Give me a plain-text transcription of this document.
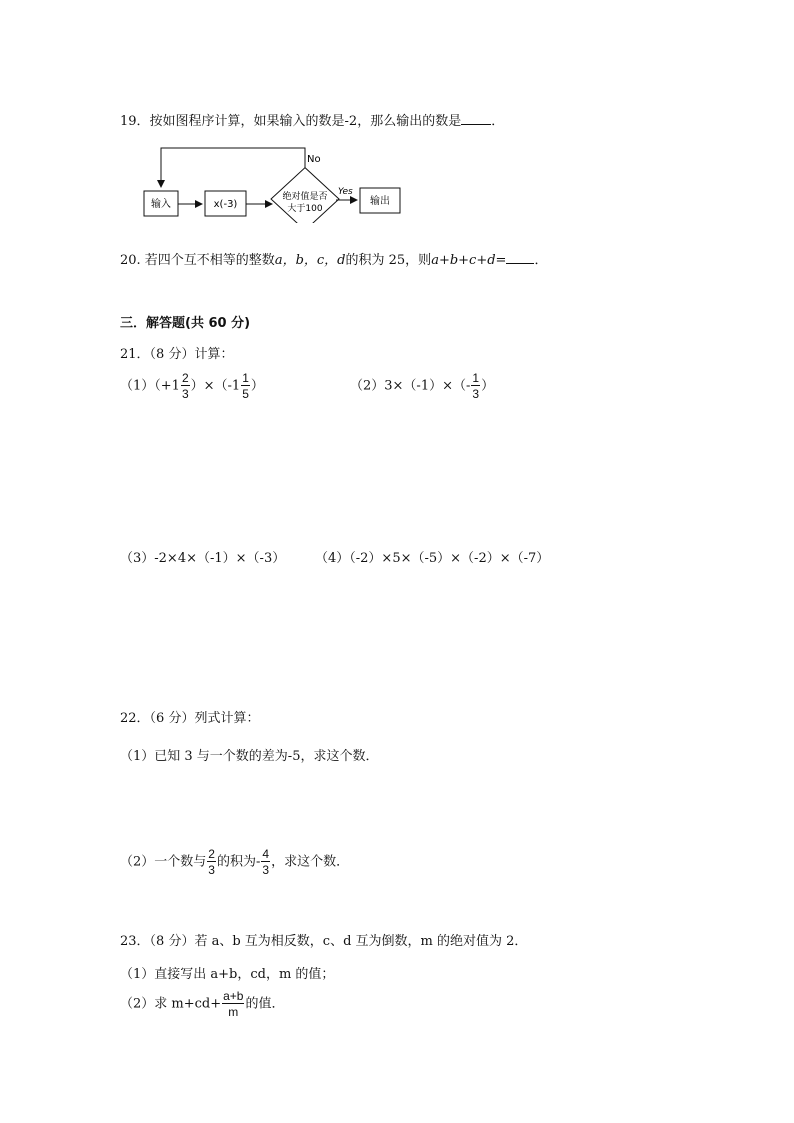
19．按如图程序计算，如果输入的数是-2，那么输出的数是 ．
No
输入	x(-3)
绝对值是否
大于100
Yes
输出
20. 若四个互不相等的整数a，b，c，d的积为 25，则a+b+c+d= ．
三．解答题(共 60 分)
21．（8 分）计算：
$(1)(+1 \frac{2}{3} )\times(-1 \frac{1}{5}$ ）	$(2)3\times(-1)\times(- \frac{1}{3}$ ）
（3）-2×4×（-1）×（-3） （4）（-2）×5×（-5）×（-2）×（-7）
22．（6 分）列式计算：
（1）已知 3 与一个数的差为-5，求这个数．
（2）一个数与 $\frac{2}{3}$ 的积为- $\frac{4}{3}$ ，求这个数．
23．（8 分）若 a、b 互为相反数，c、d 互为倒数，m 的绝对值为 2．
（1）直接写出 a+b，cd，m 的值；
（2）求 $m+cd+ \frac{a+b}{m}$ 的值．
